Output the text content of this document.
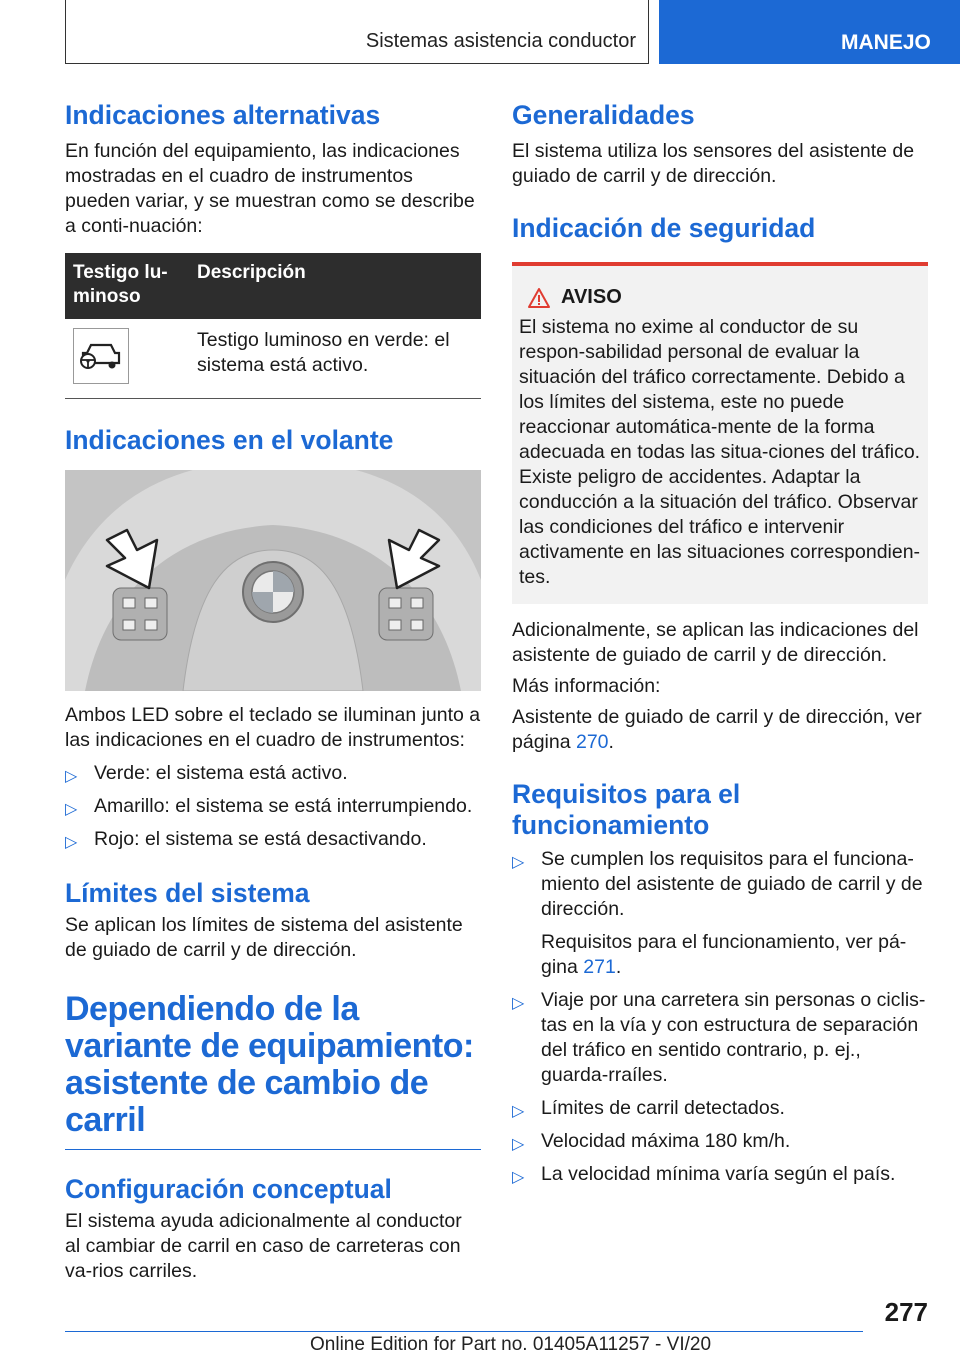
Sistemas asistencia conductor	MANEJO
Indicaciones alternativas

En función del equipamiento, las indicaciones mostradas en el cuadro de instrumentos pueden variar, y se muestran como se describe a conti-nuación:

Testigo lu-minoso	Descripción

	Testigo luminoso en verde: el sistema está activo.
Indicaciones en el volante

Ambos LED sobre el teclado se iluminan junto a las indicaciones en el cuadro de instrumentos:

▷ Verde: el sistema está activo.
▷ Amarillo: el sistema se está interrumpiendo.
▷ Rojo: el sistema se está desactivando.
Límites del sistema

Se aplican los límites de sistema del asistente de guiado de carril y de dirección.

Dependiendo de la variante de equipamiento: asistente de cambio de carril
Configuración conceptual

El sistema ayuda adicionalmente al conductor al cambiar de carril en caso de carreteras con va-rios carriles.

Generalidades

El sistema utiliza los sensores del asistente de guiado de carril y de dirección.

Indicación de seguridad
AVISO

El sistema no exime al conductor de su respon-sabilidad personal de evaluar la situación del tráfico correctamente. Debido a los límites del sistema, este no puede reaccionar automática-mente de la forma adecuada en todas las situa-ciones del tráfico. Existe peligro de accidentes. Adaptar la conducción a la situación del tráfico. Observar las condiciones del tráfico e intervenir activamente en las situaciones correspondien-tes.

Adicionalmente, se aplican las indicaciones del asistente de guiado de carril y de dirección.

Más información:

Asistente de guiado de carril y de dirección, ver página 270.

Requisitos para el funcionamiento
▷ Se cumplen los requisitos para el funciona-miento del asistente de guiado de carril y de dirección.
Requisitos para el funcionamiento, ver pá-gina 271.
▷ Viaje por una carretera sin personas o ciclis-tas en la vía y con estructura de separación del tráfico en sentido contrario, p. ej., guarda-rraíles.
▷ Límites de carril detectados.
▷ Velocidad máxima 180 km/h.
▷ La velocidad mínima varía según el país.
277
Online Edition for Part no. 01405A11257 - VI/20
